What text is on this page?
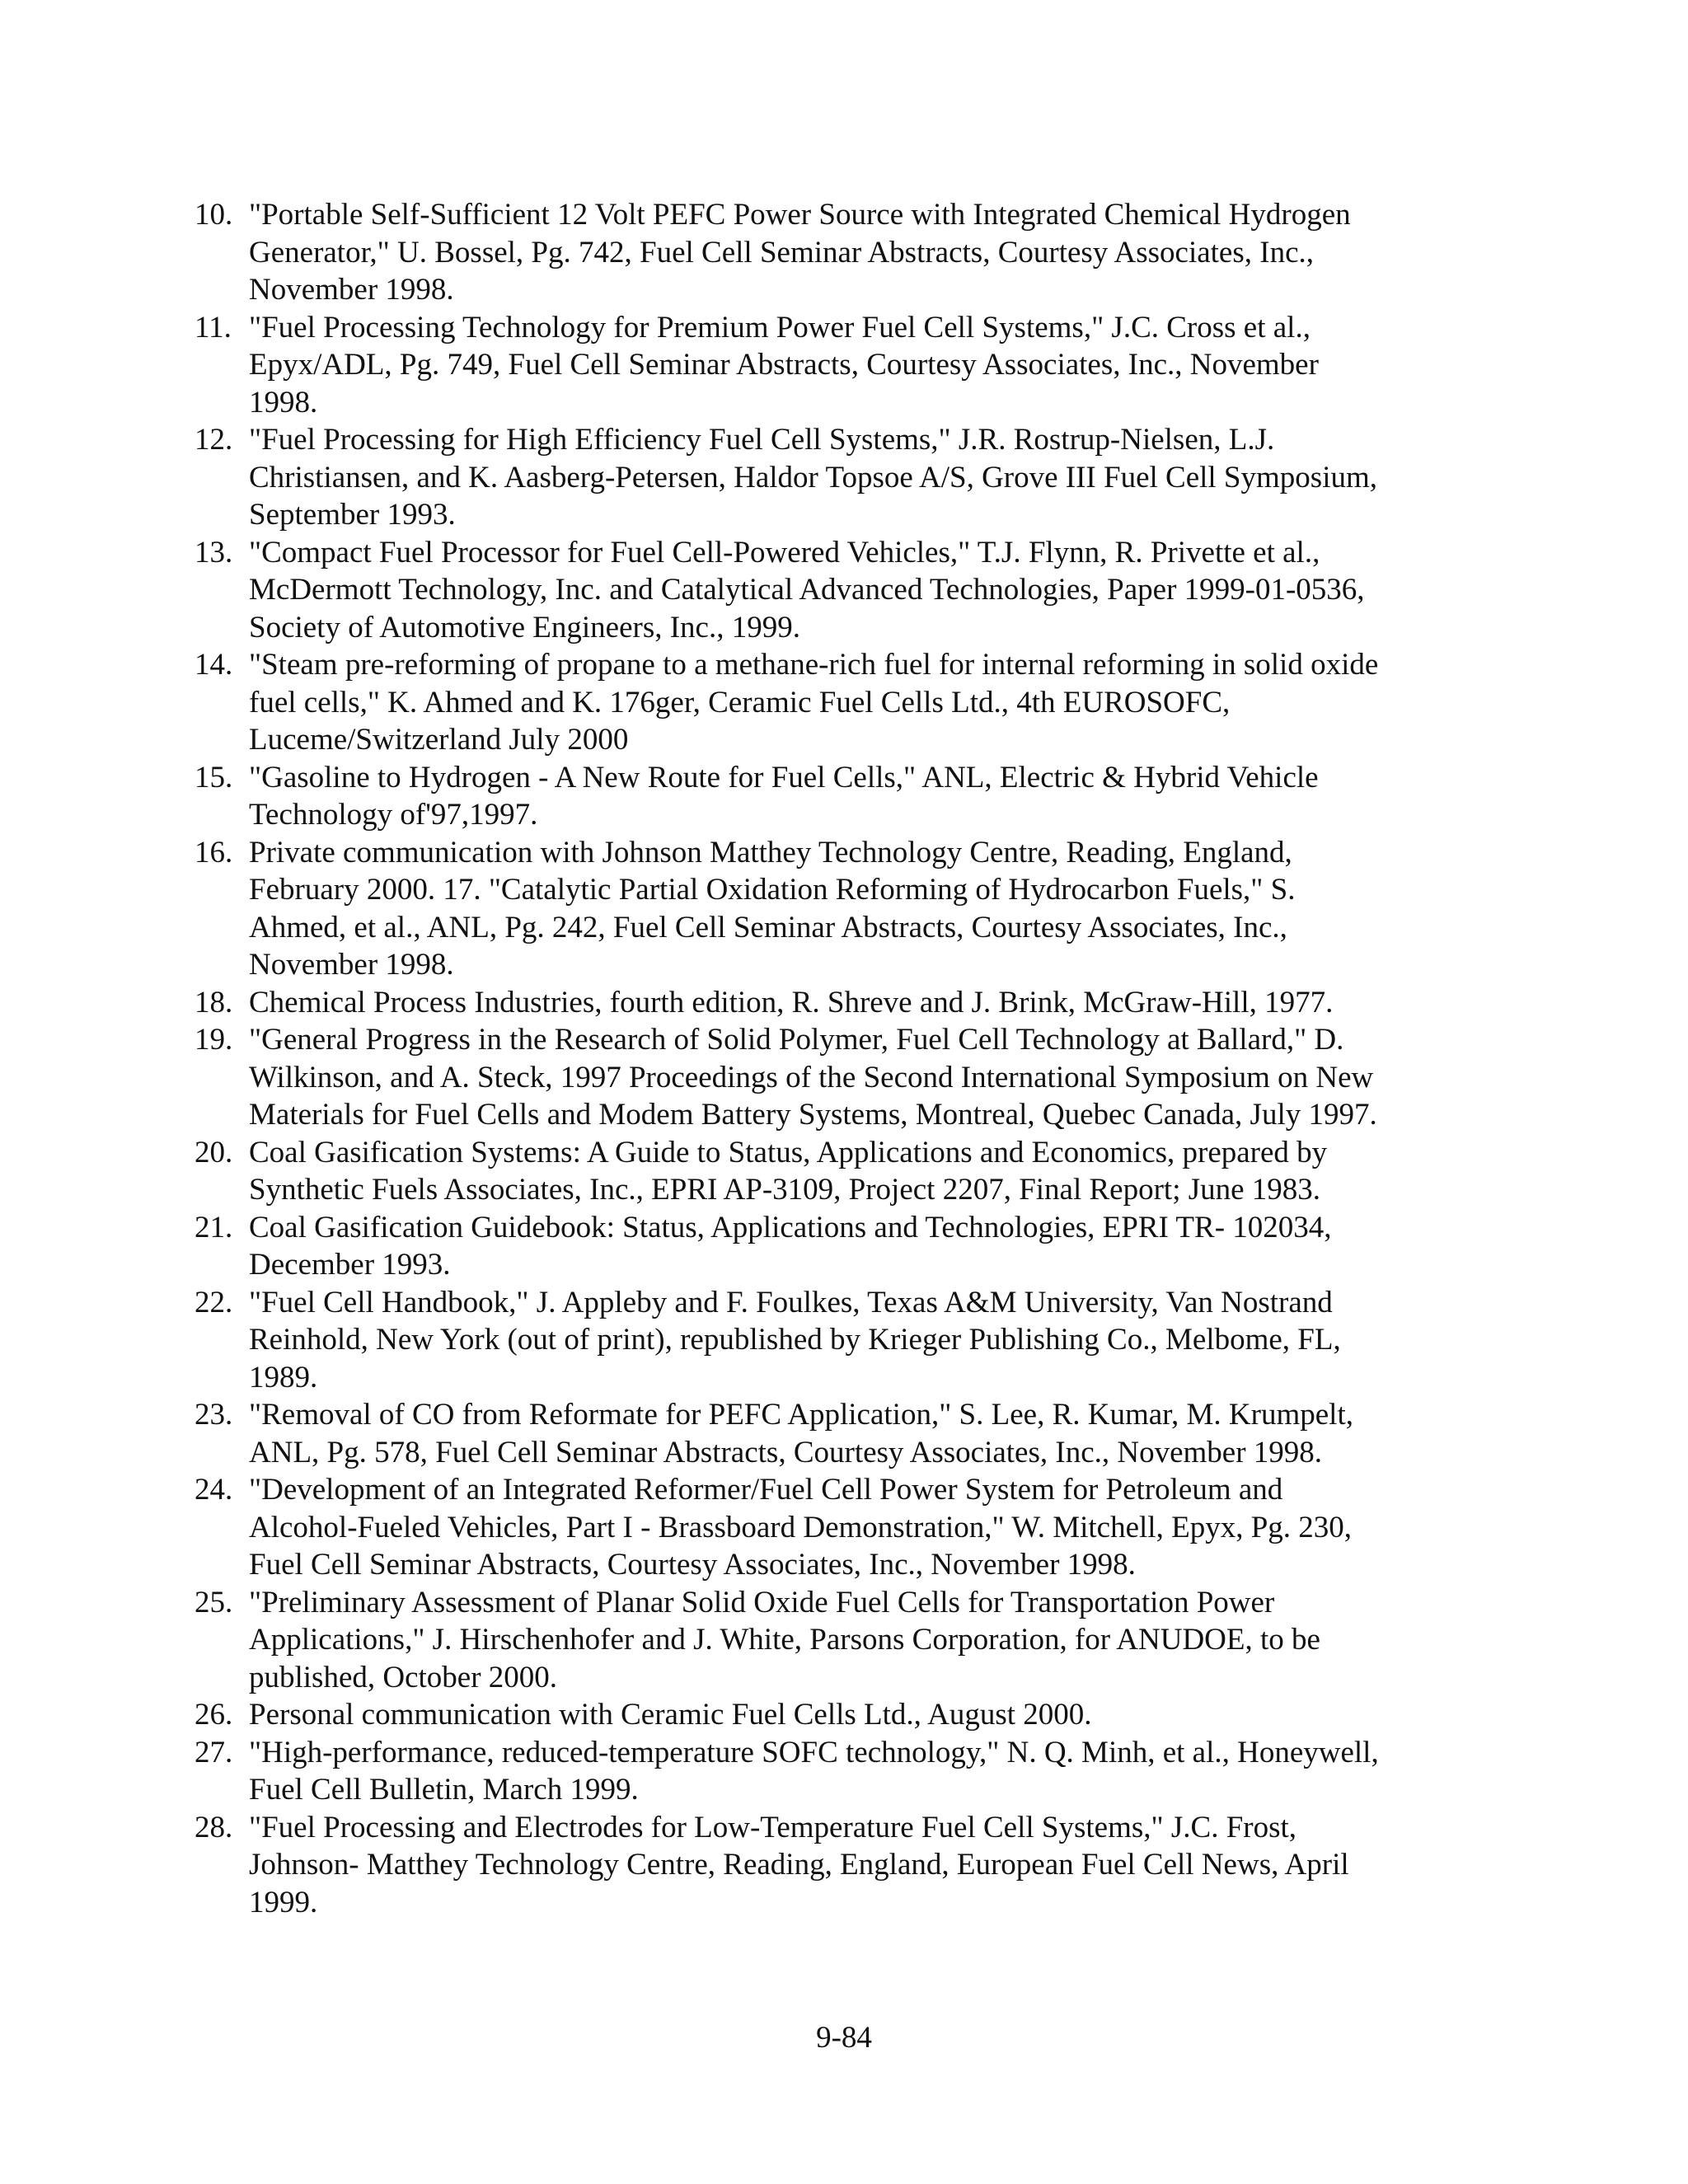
10. "Portable Self-Sufficient 12 Volt PEFC Power Source with Integrated Chemical Hydrogen
Generator," U. Bossel, Pg. 742, Fuel Cell Seminar Abstracts, Courtesy Associates, Inc.,
November 1998.
11. "Fuel Processing Technology for Premium Power Fuel Cell Systems," J.C. Cross et al.,
Epyx/ADL, Pg. 749, Fuel Cell Seminar Abstracts, Courtesy Associates, Inc., November
1998.
12. "Fuel Processing for High Efficiency Fuel Cell Systems," J.R. Rostrup-Nielsen, L.J.
Christiansen, and K. Aasberg-Petersen, Haldor Topsoe A/S, Grove III Fuel Cell Symposium,
September 1993.
13. "Compact Fuel Processor for Fuel Cell-Powered Vehicles," T.J. Flynn, R. Privette et al.,
McDermott Technology, Inc. and Catalytical Advanced Technologies, Paper 1999-01-0536,
Society of Automotive Engineers, Inc., 1999.
14. "Steam pre-reforming of propane to a methane-rich fuel for internal reforming in solid oxide
fuel cells," K. Ahmed and K. 176ger, Ceramic Fuel Cells Ltd., 4th EUROSOFC,
Luceme/Switzerland July 2000
15. "Gasoline to Hydrogen - A New Route for Fuel Cells," ANL, Electric & Hybrid Vehicle
Technology of'97,1997.
16. Private communication with Johnson Matthey Technology Centre, Reading, England,
February 2000. 17. "Catalytic Partial Oxidation Reforming of Hydrocarbon Fuels," S.
Ahmed, et al., ANL, Pg. 242, Fuel Cell Seminar Abstracts, Courtesy Associates, Inc.,
November 1998.
18. Chemical Process Industries, fourth edition, R. Shreve and J. Brink, McGraw-Hill, 1977.
19. "General Progress in the Research of Solid Polymer, Fuel Cell Technology at Ballard," D.
Wilkinson, and A. Steck, 1997 Proceedings of the Second International Symposium on New
Materials for Fuel Cells and Modem Battery Systems, Montreal, Quebec Canada, July 1997.
20. Coal Gasification Systems: A Guide to Status, Applications and Economics, prepared by
Synthetic Fuels Associates, Inc., EPRI AP-3109, Project 2207, Final Report; June 1983.
21. Coal Gasification Guidebook: Status, Applications and Technologies, EPRI TR- 102034,
December 1993.
22. "Fuel Cell Handbook," J. Appleby and F. Foulkes, Texas A&M University, Van Nostrand
Reinhold, New York (out of print), republished by Krieger Publishing Co., Melbome, FL,
1989.
23. "Removal of CO from Reformate for PEFC Application," S. Lee, R. Kumar, M. Krumpelt,
ANL, Pg. 578, Fuel Cell Seminar Abstracts, Courtesy Associates, Inc., November 1998.
24. "Development of an Integrated Reformer/Fuel Cell Power System for Petroleum and
Alcohol-Fueled Vehicles, Part I - Brassboard Demonstration," W. Mitchell, Epyx, Pg. 230,
Fuel Cell Seminar Abstracts, Courtesy Associates, Inc., November 1998.
25. "Preliminary Assessment of Planar Solid Oxide Fuel Cells for Transportation Power
Applications," J. Hirschenhofer and J. White, Parsons Corporation, for ANUDOE, to be
published, October 2000.
26. Personal communication with Ceramic Fuel Cells Ltd., August 2000.
27. "High-performance, reduced-temperature SOFC technology," N. Q. Minh, et al., Honeywell,
Fuel Cell Bulletin, March 1999.
28. "Fuel Processing and Electrodes for Low-Temperature Fuel Cell Systems," J.C. Frost,
Johnson- Matthey Technology Centre, Reading, England, European Fuel Cell News, April
1999.
9-84
